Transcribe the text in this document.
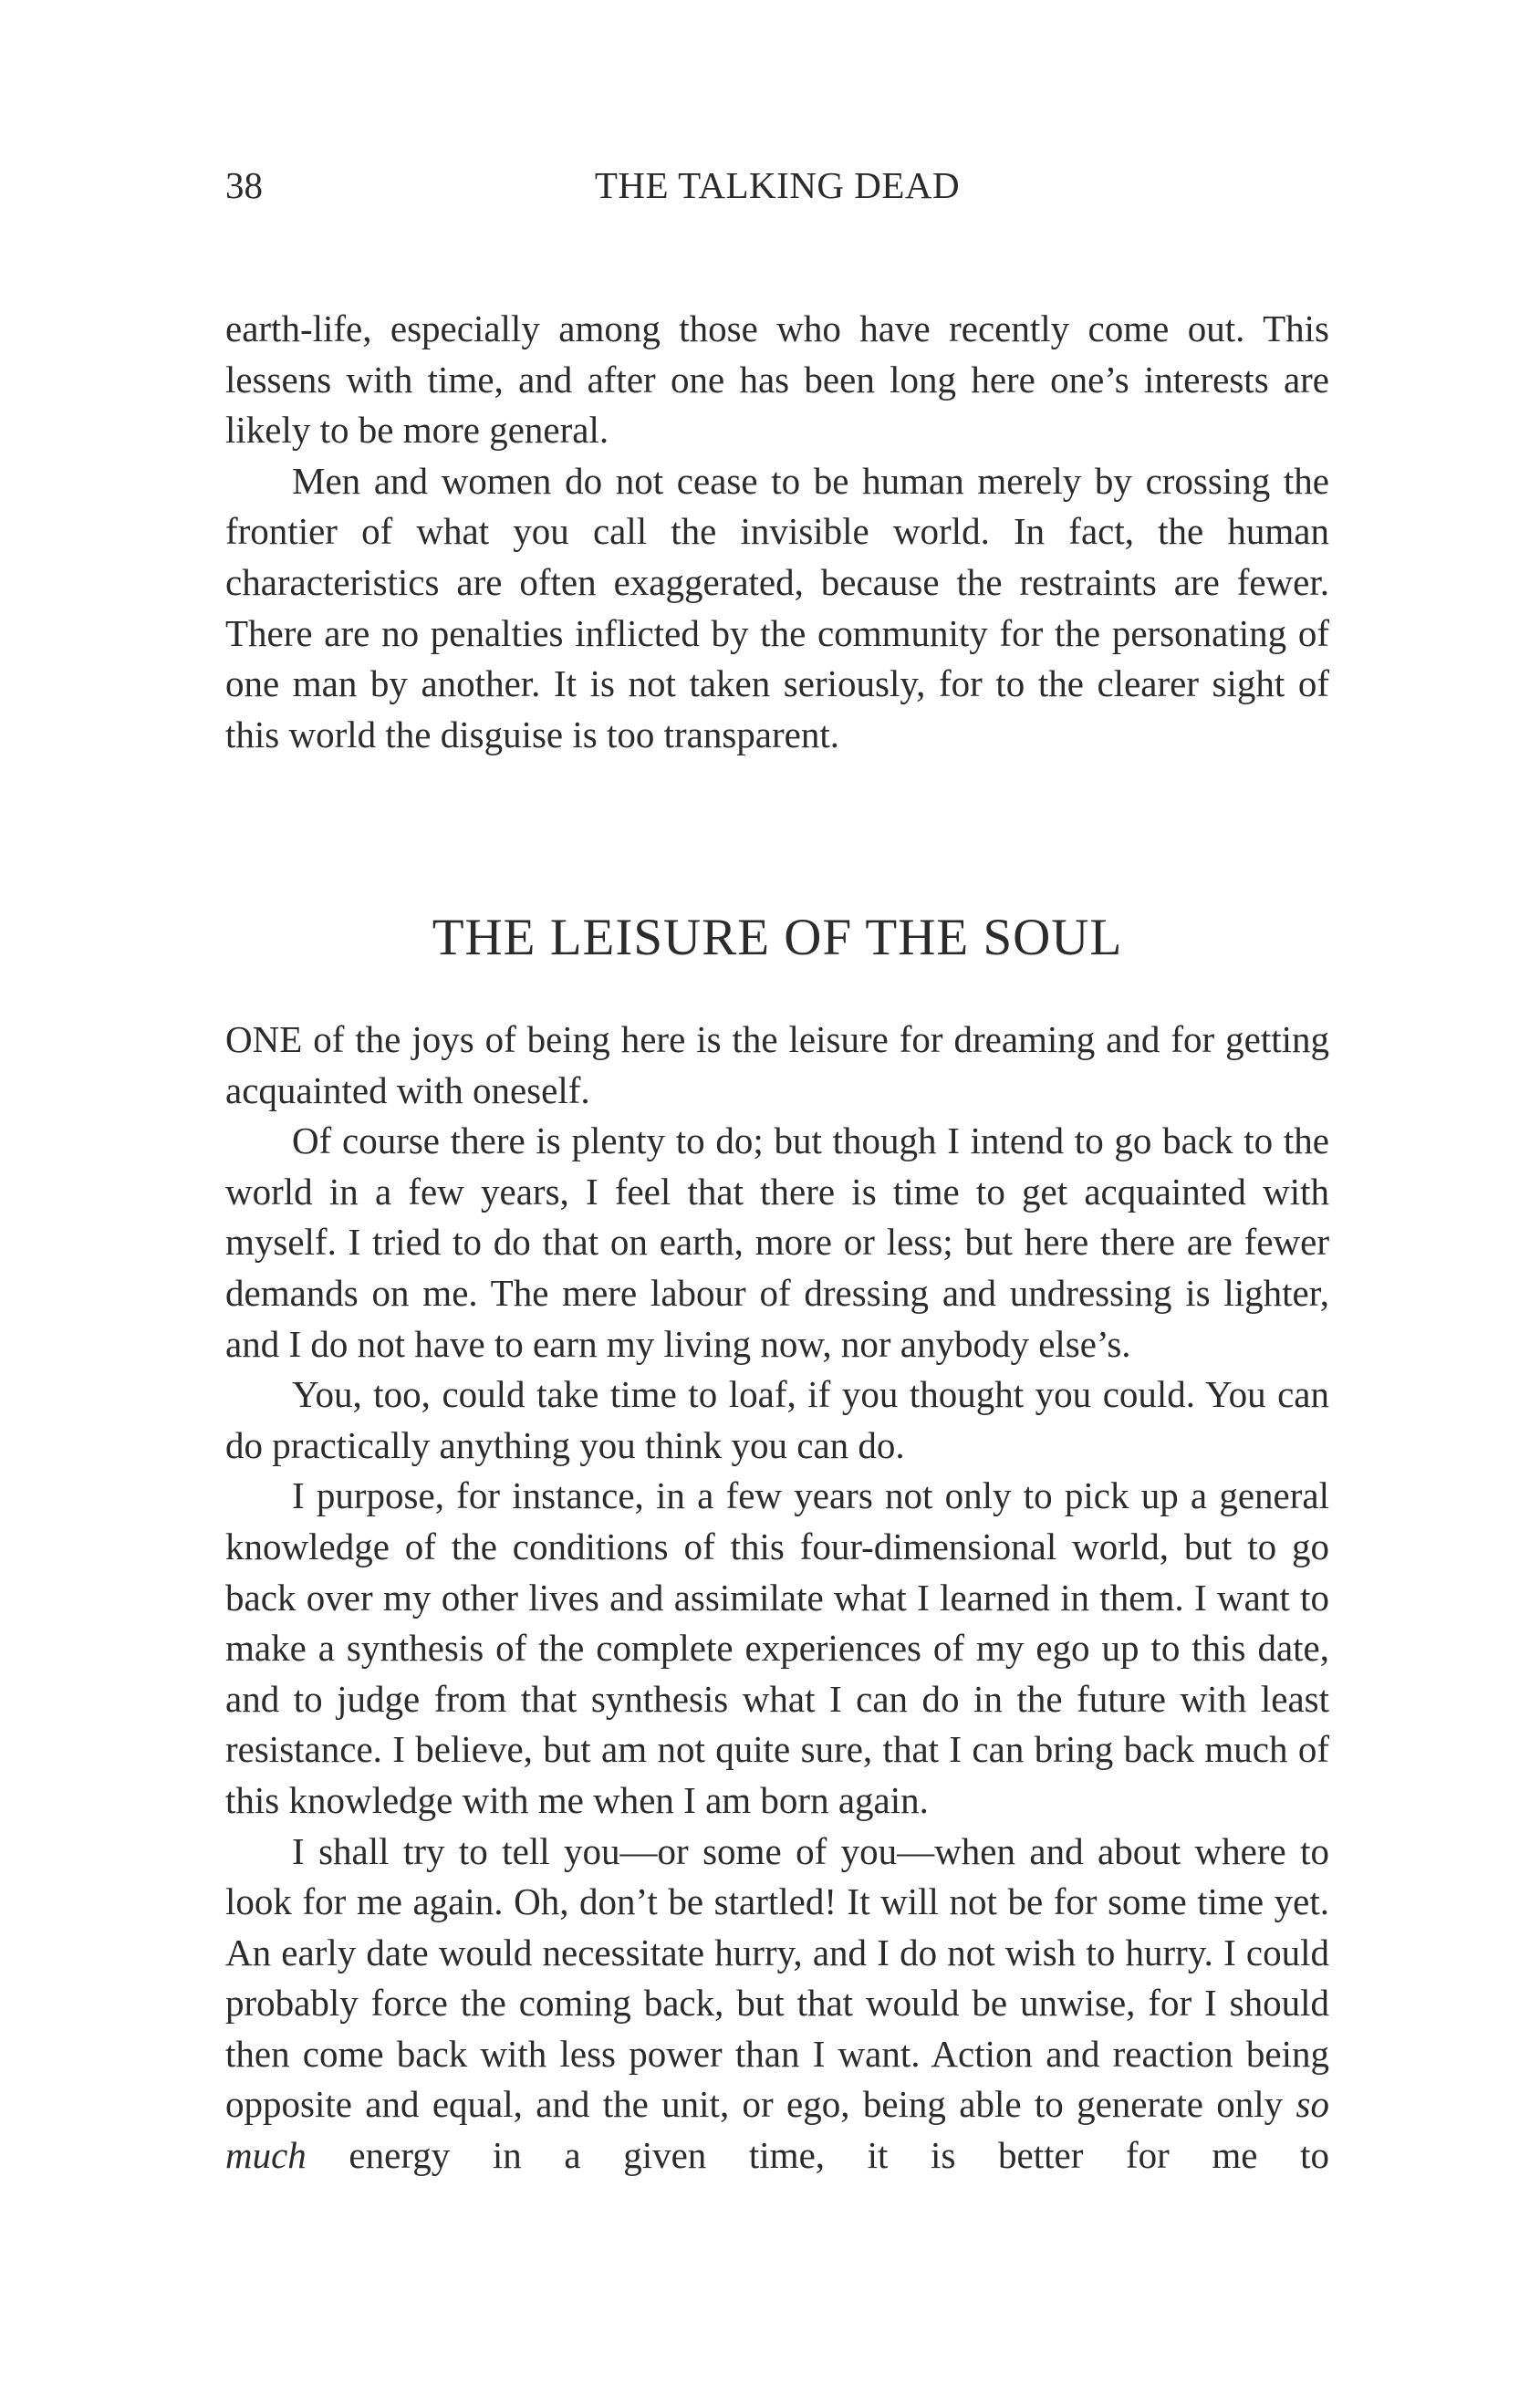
38	THE TALKING DEAD

earth-life, especially among those who have recently come out. This lessens with time, and after one has been long here one’s interests are likely to be more general.

Men and women do not cease to be human merely by crossing the frontier of what you call the invisible world. In fact, the human characteristics are often exaggerated, because the restraints are fewer. There are no penalties inflicted by the community for the personating of one man by another. It is not taken seriously, for to the clearer sight of this world the disguise is too transparent.

THE LEISURE OF THE SOUL

ONE of the joys of being here is the leisure for dreaming and for getting acquainted with oneself.

Of course there is plenty to do; but though I intend to go back to the world in a few years, I feel that there is time to get acquainted with myself. I tried to do that on earth, more or less; but here there are fewer demands on me. The mere labour of dressing and undressing is lighter, and I do not have to earn my living now, nor anybody else’s.

You, too, could take time to loaf, if you thought you could. You can do practically anything you think you can do.

I purpose, for instance, in a few years not only to pick up a general knowledge of the conditions of this four-dimensional world, but to go back over my other lives and assimilate what I learned in them. I want to make a synthesis of the complete experiences of my ego up to this date, and to judge from that synthesis what I can do in the future with least resistance. I believe, but am not quite sure, that I can bring back much of this knowledge with me when I am born again.

I shall try to tell you—or some of you—when and about where to look for me again. Oh, don’t be startled! It will not be for some time yet. An early date would necessitate hurry, and I do not wish to hurry. I could probably force the coming back, but that would be unwise, for I should then come back with less power than I want. Action and reaction being opposite and equal, and the unit, or ego, being able to generate only so much energy in a given time, it is better for me to
